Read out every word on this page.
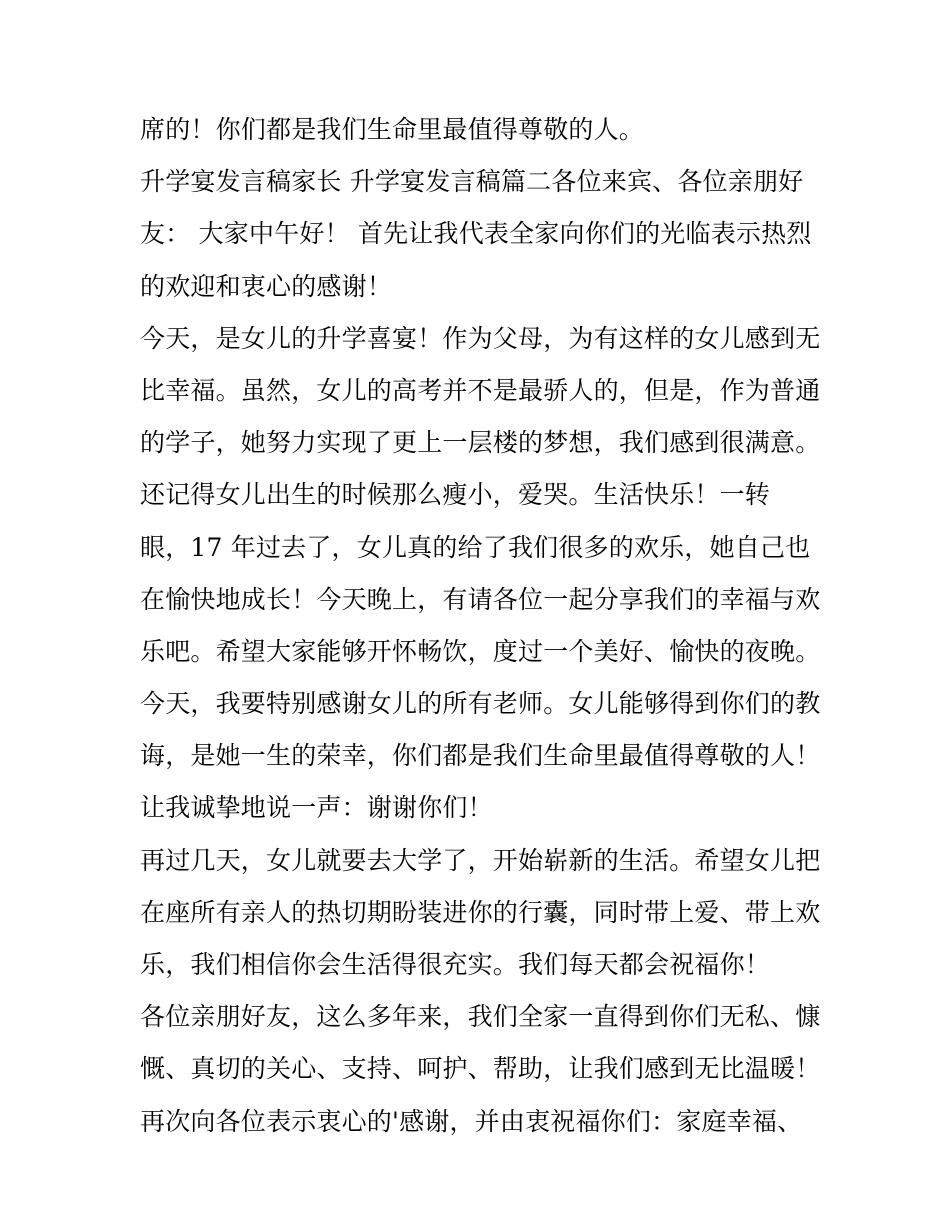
席的！你们都是我们生命里最值得尊敬的人。
升学宴发言稿家长 升学宴发言稿篇二各位来宾、各位亲朋好
友： 大家中午好！ 首先让我代表全家向你们的光临表示热烈
的欢迎和衷心的感谢！
今天，是女儿的升学喜宴！作为父母，为有这样的女儿感到无
比幸福。虽然，女儿的高考并不是最骄人的，但是，作为普通
的学子，她努力实现了更上一层楼的梦想，我们感到很满意。
还记得女儿出生的时候那么瘦小，爱哭。生活快乐！一转
眼，17 年过去了，女儿真的给了我们很多的欢乐，她自己也
在愉快地成长！今天晚上，有请各位一起分享我们的幸福与欢
乐吧。希望大家能够开怀畅饮，度过一个美好、愉快的夜晚。
今天，我要特别感谢女儿的所有老师。女儿能够得到你们的教
诲，是她一生的荣幸，你们都是我们生命里最值得尊敬的人！
让我诚挚地说一声：谢谢你们！
再过几天，女儿就要去大学了，开始崭新的生活。希望女儿把
在座所有亲人的热切期盼装进你的行囊，同时带上爱、带上欢
乐，我们相信你会生活得很充实。我们每天都会祝福你！
各位亲朋好友，这么多年来，我们全家一直得到你们无私、慷
慨、真切的关心、支持、呵护、帮助，让我们感到无比温暖！
再次向各位表示衷心的'感谢，并由衷祝福你们：家庭幸福、
